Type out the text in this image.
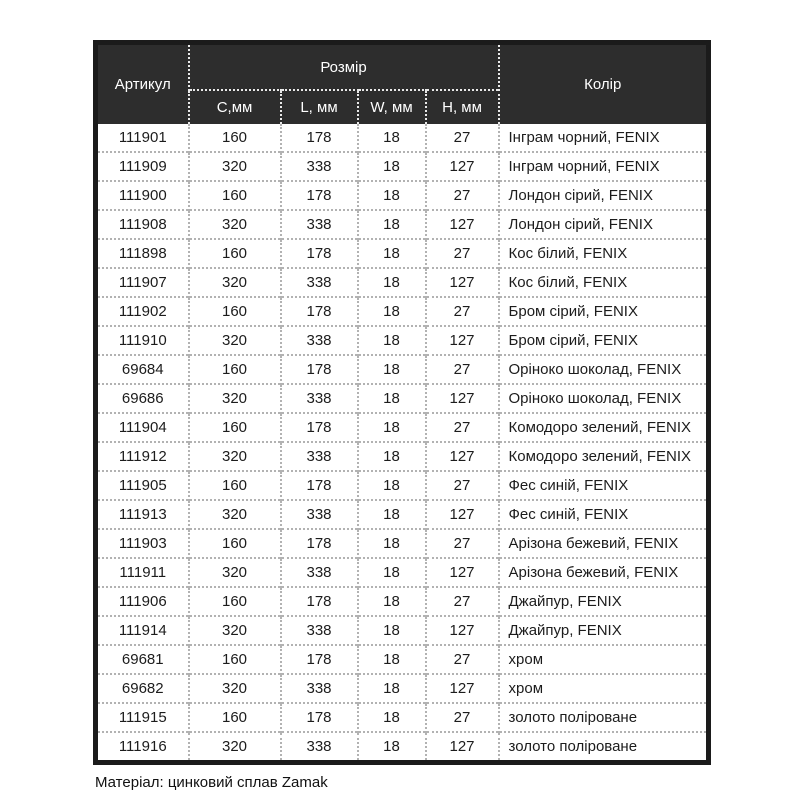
Артикул	Розмір				Колір
	С,мм	L, мм	W, мм	Н, мм	
111901	160	178	18	27	Інграм чорний, FENIX
111909	320	338	18	127	Інграм чорний, FENIX
111900	160	178	18	27	Лондон сірий, FENIX
111908	320	338	18	127	Лондон сірий, FENIX
111898	160	178	18	27	Кос білий, FENIX
111907	320	338	18	127	Кос білий, FENIX
111902	160	178	18	27	Бром сірий, FENIX
111910	320	338	18	127	Бром сірий, FENIX
69684	160	178	18	27	Оріноко шоколад, FENIX
69686	320	338	18	127	Оріноко шоколад, FENIX
111904	160	178	18	27	Комодоро зелений, FENIX
111912	320	338	18	127	Комодоро зелений, FENIX
111905	160	178	18	27	Фес синій, FENIX
111913	320	338	18	127	Фес синій, FENIX
111903	160	178	18	27	Арізона бежевий, FENIX
111911	320	338	18	127	Арізона бежевий, FENIX
111906	160	178	18	27	Джайпур, FENIX
111914	320	338	18	127	Джайпур, FENIX
69681	160	178	18	27	хром
69682	320	338	18	127	хром
111915	160	178	18	27	золото поліроване
111916	320	338	18	127	золото поліроване
Матеріал: цинковий сплав Zamak
